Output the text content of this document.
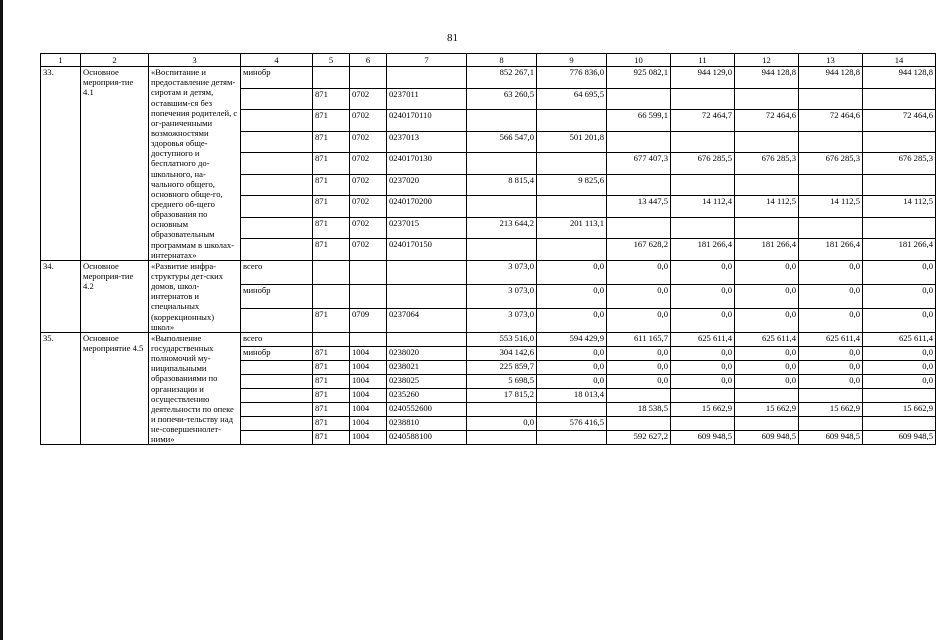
81
1	2	3	4	5	6	7	8	9	10	11	12	13	14
33.	Основное мероприя-тие 4.1	«Воспитание и предоставление детям-сиротам и детям, оставшим-ся без попечения родителей, с ог-раниченными возможностями здоровья обще-доступного и бесплатного до-школьного, на-чального общего, основного обще-го, среднего об-щего образования по основным образовательным программам в школах-интернатах»	минобр				852 267,1	776 836,0	925 082,1	944 129,0	944 128,8	944 128,8	944 128,8
				871	0702	0237011	63 260,5	64 695,5					
				871	0702	0240170110			66 599,1	72 464,7	72 464,6	72 464,6	72 464,6
				871	0702	0237013	566 547,0	501 201,8					
				871	0702	0240170130			677 407,3	676 285,5	676 285,3	676 285,3	676 285,3
				871	0702	0237020	8 815,4	9 825,6					
				871	0702	0240170200			13 447,5	14 112,4	14 112,5	14 112,5	14 112,5
				871	0702	0237015	213 644,2	201 113,1					
				871	0702	0240170150			167 628,2	181 266,4	181 266,4	181 266,4	181 266,4
34.	Основное мероприя-тие 4.2	«Развитие инфра-структуры дет-ских домов, школ-интернатов и специальных (коррекционных) школ»	всего				3 073,0	0,0	0,0	0,0	0,0	0,0	0,0
			минобр				3 073,0	0,0	0,0	0,0	0,0	0,0	0,0
				871	0709	0237064	3 073,0	0,0	0,0	0,0	0,0	0,0	0,0
35.	Основное мероприятие 4.5	«Выполнение государственных полномочий му-ниципальными образованиями по организации и осуществлению деятельности по опеке и попечи-тельству над не-совершеннолет-ними»	всего				553 516,0	594 429,9	611 165,7	625 611,4	625 611,4	625 611,4	625 611,4
			минобр	871	1004	0238020	304 142,6	0,0	0,0	0,0	0,0	0,0	0,0
				871	1004	0238021	225 859,7	0,0	0,0	0,0	0,0	0,0	0,0
				871	1004	0238025	5 698,5	0,0	0,0	0,0	0,0	0,0	0,0
				871	1004	0235260	17 815,2	18 013,4					
				871	1004	0240552600			18 538,5	15 662,9	15 662,9	15 662,9	15 662,9
				871	1004	0238810	0,0	576 416,5					
				871	1004	0240588100			592 627,2	609 948,5	609 948,5	609 948,5	609 948,5
